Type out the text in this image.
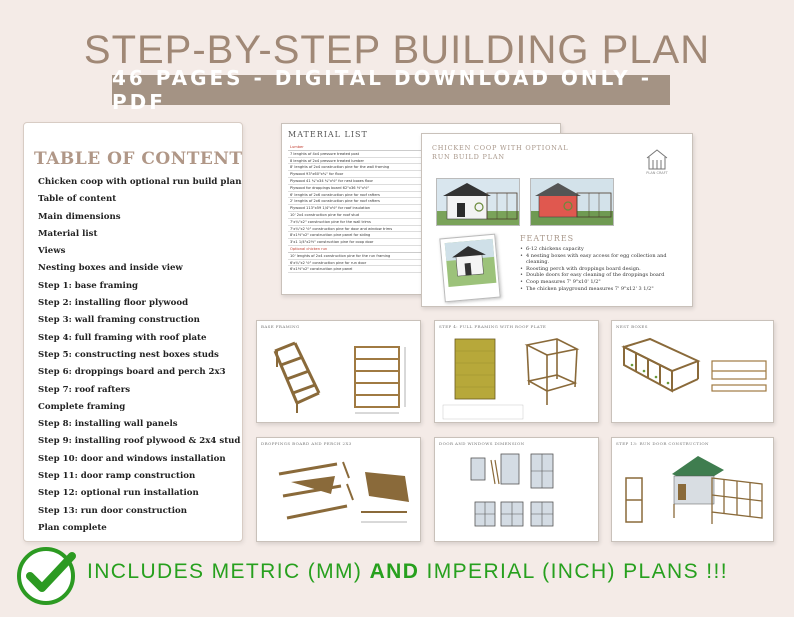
STEP-BY-STEP BUILDING PLAN
46 PAGES - DIGITAL DOWNLOAD ONLY - PDF
TABLE OF CONTENT
Chicken coop with optional run build plan
Table of content
Main dimensions
Material list
Views
Nesting boxes and inside view
Step 1: base framing
Step 2: installing floor plywood
Step 3: wall framing construction
Step 4: full framing with roof plate
Step 5: constructing nest boxes studs
Step 6: droppings board and perch 2x3
Step 7: roof rafters
Complete framing
Step 8: installing wall panels
Step 9: installing roof plywood & 2x4 stud
Step 10: door and windows installation
Step 11: door ramp construction
Step 12: optional run installation
Step 13: run door construction
Plan complete
MATERIAL LIST
Lumber
7 lenghts of 4x4 pressure treated post
8 lenghts of 2x4 pressure treated lumber
8' lenghts of 2x4 construction pine for the wall framing
Plywood 93"x60"x¾" for floor
Plywood 41 ¾"x34 ¾"x½" for nest boxes floor
Plywood for droppings board 62"x36 ½"x½"
6' lenghts of 2x6 construction pine for roof rafters
2' lenghts of 2x6 construction pine for roof rafters
Plywood 113"x59 1/4"x½" for roof insulation
10' 2x4 construction pine for roof stud
7'x¾"x2" construction pine for the wall trims
7'x¾"x2 ½" construction pine for door and window trims
8'x1½"x2" construction pine panel for siding
3'x1 1/4"x2½" construction pine for coop door
Optional chicken run
10' lenghts of 2x4 construction pine for the run framing
6'x¾"x2 ½" construction pine for run door
6'x1½"x2" construction pine panel
CHICKEN COOP WITH OPTIONAL RUN BUILD PLAN
PLAN CRAFT
FEATURES
• 6-12 chickens capacity
• 4 nesting boxes with easy access for egg collection and cleaning.
• Roosting perch with droppings board design.
• Double doors for easy cleaning of the droppings board
• Coop measures 7' 9"x10' 1/2"
• The chicken playground measures 7' 9"x12' 3 1/2"
BASE FRAMING	STEP 4: FULL FRAMING WITH ROOF PLATE	NEST BOXES
DROPPINGS BOARD AND PERCH 2X3	DOOR AND WINDOWS DIMENSION	STEP 13: RUN DOOR CONSTRUCTION
INCLUDES METRIC (MM) AND IMPERIAL (INCH) PLANS !!!
